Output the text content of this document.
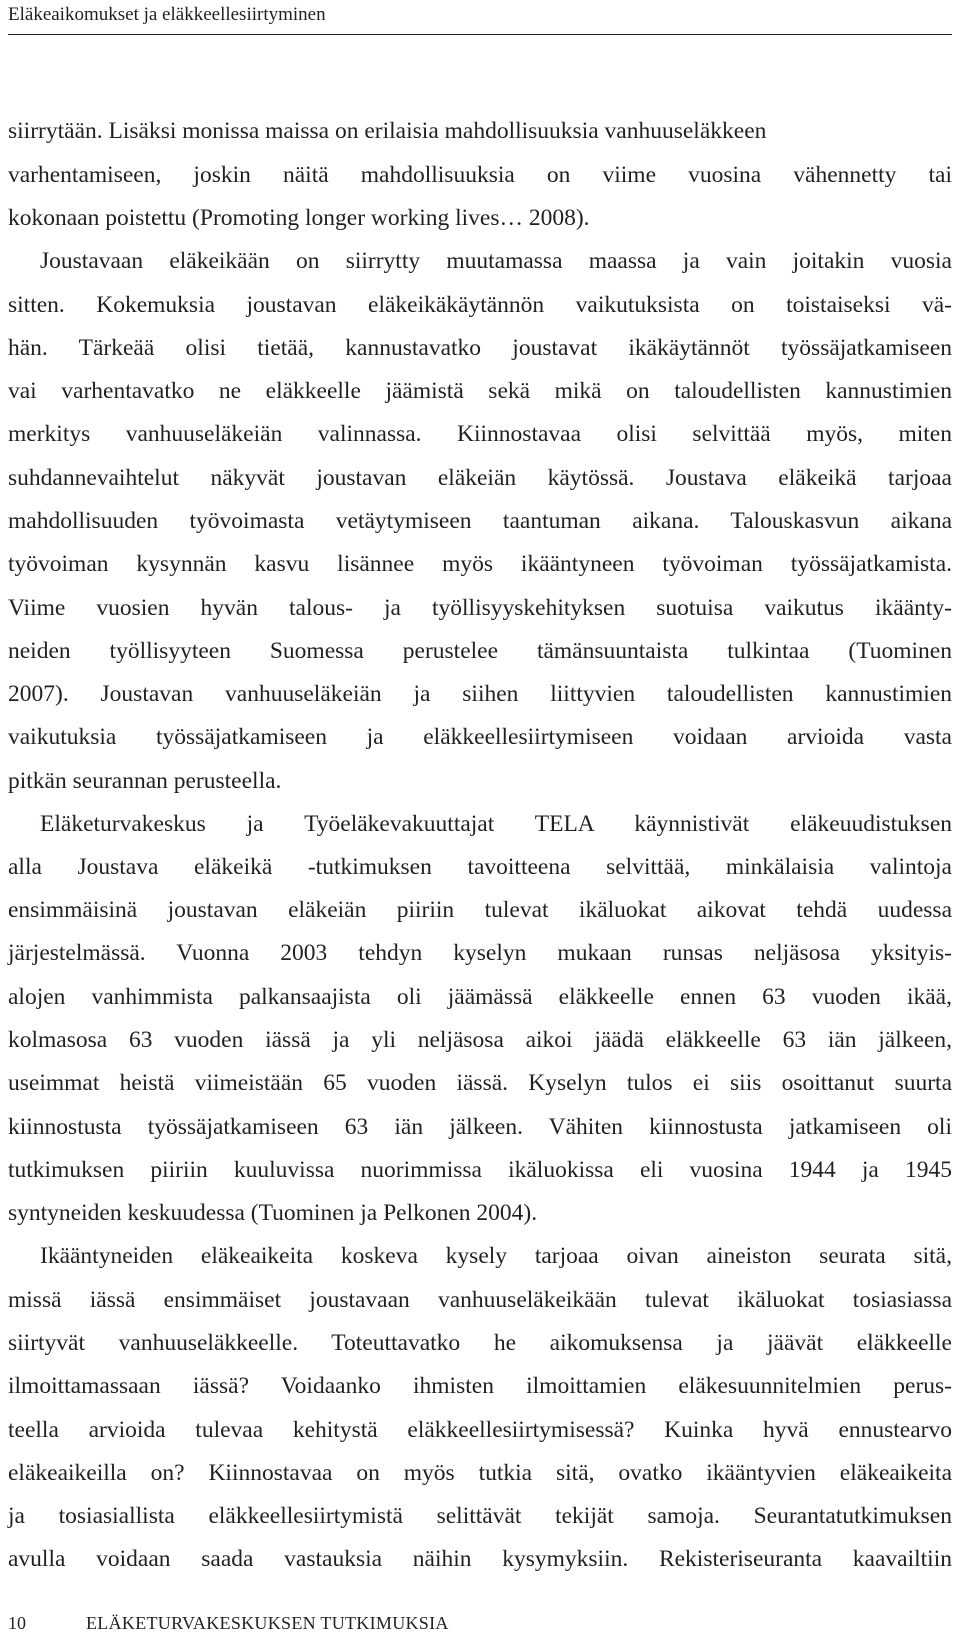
Eläkeaikomukset ja eläkkeellesiirtyminen
siirrytään. Lisäksi monissa maissa on erilaisia mahdollisuuksia vanhuuseläkkeen
varhentamiseen, joskin näitä mahdollisuuksia on viime vuosina vähennetty tai
kokonaan poistettu (Promoting longer working lives… 2008).
Joustavaan eläkeikään on siirrytty muutamassa maassa ja vain joitakin vuosia
sitten. Kokemuksia joustavan eläkeikäkäytännön vaikutuksista on toistaiseksi vä-
hän. Tärkeää olisi tietää, kannustavatko joustavat ikäkäytännöt työssäjatkamiseen
vai varhentavatko ne eläkkeelle jäämistä sekä mikä on taloudellisten kannustimien
merkitys vanhuuseläkeiän valinnassa. Kiinnostavaa olisi selvittää myös, miten
suhdannevaihtelut näkyvät joustavan eläkeiän käytössä. Joustava eläkeikä tarjoaa
mahdollisuuden työvoimasta vetäytymiseen taantuman aikana. Talouskasvun aikana
työvoiman kysynnän kasvu lisännee myös ikääntyneen työvoiman työssäjatkamista.
Viime vuosien hyvän talous- ja työllisyyskehityksen suotuisa vaikutus ikäänty-
neiden työllisyyteen Suomessa perustelee tämänsuuntaista tulkintaa (Tuominen
2007). Joustavan vanhuuseläkeiän ja siihen liittyvien taloudellisten kannustimien
vaikutuksia työssäjatkamiseen ja eläkkeellesiirtymiseen voidaan arvioida vasta
pitkän seurannan perusteella.
Eläketurvakeskus ja Työeläkevakuuttajat TELA käynnistivät eläkeuudistuksen
alla Joustava eläkeikä -tutkimuksen tavoitteena selvittää, minkälaisia valintoja
ensimmäisinä joustavan eläkeiän piiriin tulevat ikäluokat aikovat tehdä uudessa
järjestelmässä. Vuonna 2003 tehdyn kyselyn mukaan runsas neljäsosa yksityis-
alojen vanhimmista palkansaajista oli jäämässä eläkkeelle ennen 63 vuoden ikää,
kolmasosa 63 vuoden iässä ja yli neljäsosa aikoi jäädä eläkkeelle 63 iän jälkeen,
useimmat heistä viimeistään 65 vuoden iässä. Kyselyn tulos ei siis osoittanut suurta
kiinnostusta työssäjatkamiseen 63 iän jälkeen. Vähiten kiinnostusta jatkamiseen oli
tutkimuksen piiriin kuuluvissa nuorimmissa ikäluokissa eli vuosina 1944 ja 1945
syntyneiden keskuudessa (Tuominen ja Pelkonen 2004).
Ikääntyneiden eläkeaikeita koskeva kysely tarjoaa oivan aineiston seurata sitä,
missä iässä ensimmäiset joustavaan vanhuuseläkeikään tulevat ikäluokat tosiasiassa
siirtyvät vanhuuseläkkeelle. Toteuttavatko he aikomuksensa ja jäävät eläkkeelle
ilmoittamassaan iässä? Voidaanko ihmisten ilmoittamien eläkesuunnitelmien perus-
teella arvioida tulevaa kehitystä eläkkeellesiirtymisessä? Kuinka hyvä ennustearvo
eläkeaikeilla on? Kiinnostavaa on myös tutkia sitä, ovatko ikääntyvien eläkeaikeita
ja tosiasiallista eläkkeellesiirtymistä selittävät tekijät samoja. Seurantatutkimuksen
avulla voidaan saada vastauksia näihin kysymyksiin. Rekisteriseuranta kaavailtiin
10	ELÄKETURVAKESKUKSEN TUTKIMUKSIA
